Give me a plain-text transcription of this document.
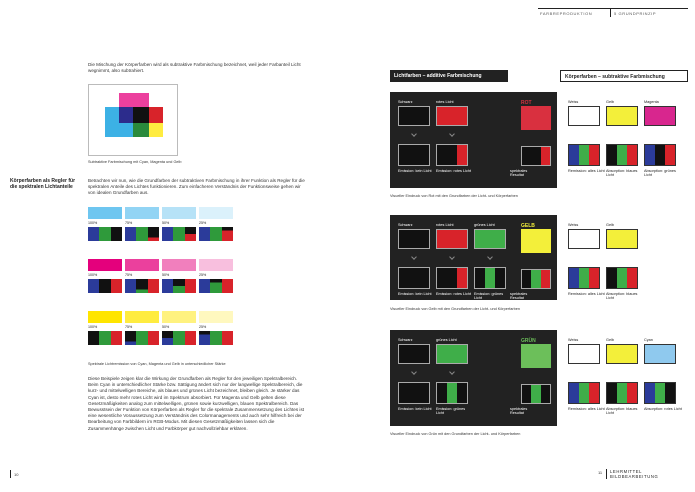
FARBREPRODUKTION	5 GRUNDPRINZIP
Die Mischung der Körperfarben wird als subtraktive Farbmischung bezeichnet, weil jeder Farbanteil Licht wegnimmt, also subtrahiert.
Subtraktive Farbmischung mit Cyan, Magenta und Gelb
Körperfarben als Regler für die spektralen Lichtanteile
Betrachten wir nun, wie die Grundfarben der subtraktiven Farbmischung in ihrer Funktion als Regler für die spektralen Anteile des Lichtes funktionieren. Zum einfacheren Verständnis der Funktionsweise gehen wir von idealen Grundfarben aus.
100%	75%	50%	25%
100%	75%	50%	25%
100%	75%	50%	25%
Spektrale Lichtremission von Cyan, Magenta und Gelb in unterschiedlicher Stärke
Diese Beispiele zeigen klar die Wirkung der Grundfarben als Regler für den jeweiligen Spektralbereich. Beim Cyan in unterschiedlicher Stärke bzw. Sättigung ändert sich nur der langwellige Spektralbereich, die kurz- und mittelwelligen Bereiche, als blaues und grünes Licht bezeichnet, bleiben gleich. Je stärker das Cyan ist, desto mehr rotes Licht wird im Spektrum absorbiert. Für Magenta und Gelb gelten diese Gesetzmäßigkeiten analog zum mittelwelligen, grünen sowie kurzwelligen, blauen Spektralbereich. Das Bewusstsein der Funktion von Körperfarben als Regler für die spektrale Zusammensetzung des Lichtes ist eine wesentliche Voraussetzung zum Verständnis des Colormanagements und auch sehr hilfreich bei der Bearbeitung von Farbbildern im RGB-Modus. Mit diesen Gesetzmäßigkeiten lassen sich die Zusammenhänge zwischen Licht und Farbkörper gut nachvollziehbar erklären.
10
Lichtfarben – additive Farbmischung	Körperfarben – subtraktive Farbmischung
Schwarz
Emission: kein Licht
rotes Licht
Emission: rotes Licht
ROT
spektrales Resultat
Weiss
Remission: alles Licht
Gelb
Absorption: blaues Licht
Magenta
Absorption: grünes Licht
Visueller Eindruck von Rot mit den Grundfarben der Licht- und Körperfarben
Schwarz
Emission: kein Licht
rotes Licht
Emission: rotes Licht
grünes Licht
Emission: grünes Licht
GELB
spektrales Resultat
Weiss
Remission: alles Licht
Gelb
Absorption: blaues Licht
Visueller Eindruck von Gelb mit den Grundfarben der Licht- und Körperfarben
Schwarz
Emission: kein Licht
grünes Licht
Emission: grünes Licht
GRÜN
spektrales Resultat
Weiss
Remission: alles Licht
Gelb
Absorption: blaues Licht
Cyan
Absorption: rotes Licht
Visueller Eindruck von Grün mit den Grundfarben der Licht- und Körperfarben
11 LEHRMITTEL
BILDBEARBEITUNG
